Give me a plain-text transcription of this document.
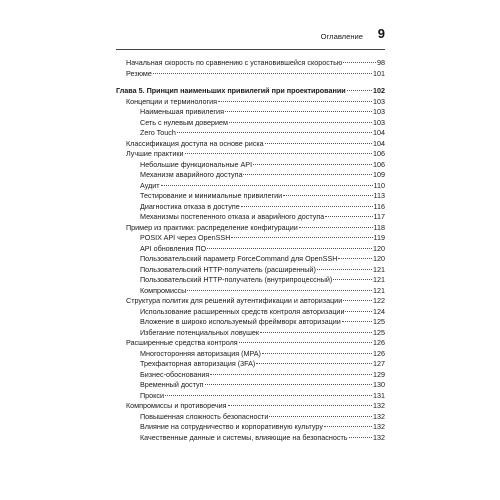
Оглавление 9
Начальная скорость по сравнению с установившейся скоростью	98
Резюме	101
Глава 5. Принцип наименьших привилегий при проектировании	102
Концепции и терминология	103
Наименьшая привилегия	103
Сеть с нулевым доверием	103
Zero Touch	104
Классификация доступа на основе риска	104
Лучшие практики	106
Небольшие функциональные API	106
Механизм аварийного доступа	109
Аудит	110
Тестирование и минимальные привилегии	113
Диагностика отказа в доступе	116
Механизмы постепенного отказа и аварийного доступа	117
Пример из практики: распределение конфигурации	118
POSIX API через OpenSSH	119
API обновления ПО	120
Пользовательский параметр ForceCommand для OpenSSH	120
Пользовательский HTTP-получатель (расширенный)	121
Пользовательский HTTP-получатель (внутрипроцессный)	121
Компромиссы	121
Структура политик для решений аутентификации и авторизации	122
Использование расширенных средств контроля авторизации	124
Вложение в широко используемый фреймворк авторизации	125
Избегание потенциальных ловушек	125
Расширенные средства контроля	126
Многосторонняя авторизация (MPA)	126
Трехфакторная авторизация (3FA)	127
Бизнес-обоснования	129
Временный доступ	130
Прокси	131
Компромиссы и противоречия	132
Повышенная сложность безопасности	132
Влияние на сотрудничество и корпоративную культуру	132
Качественные данные и системы, влияющие на безопасность	132
